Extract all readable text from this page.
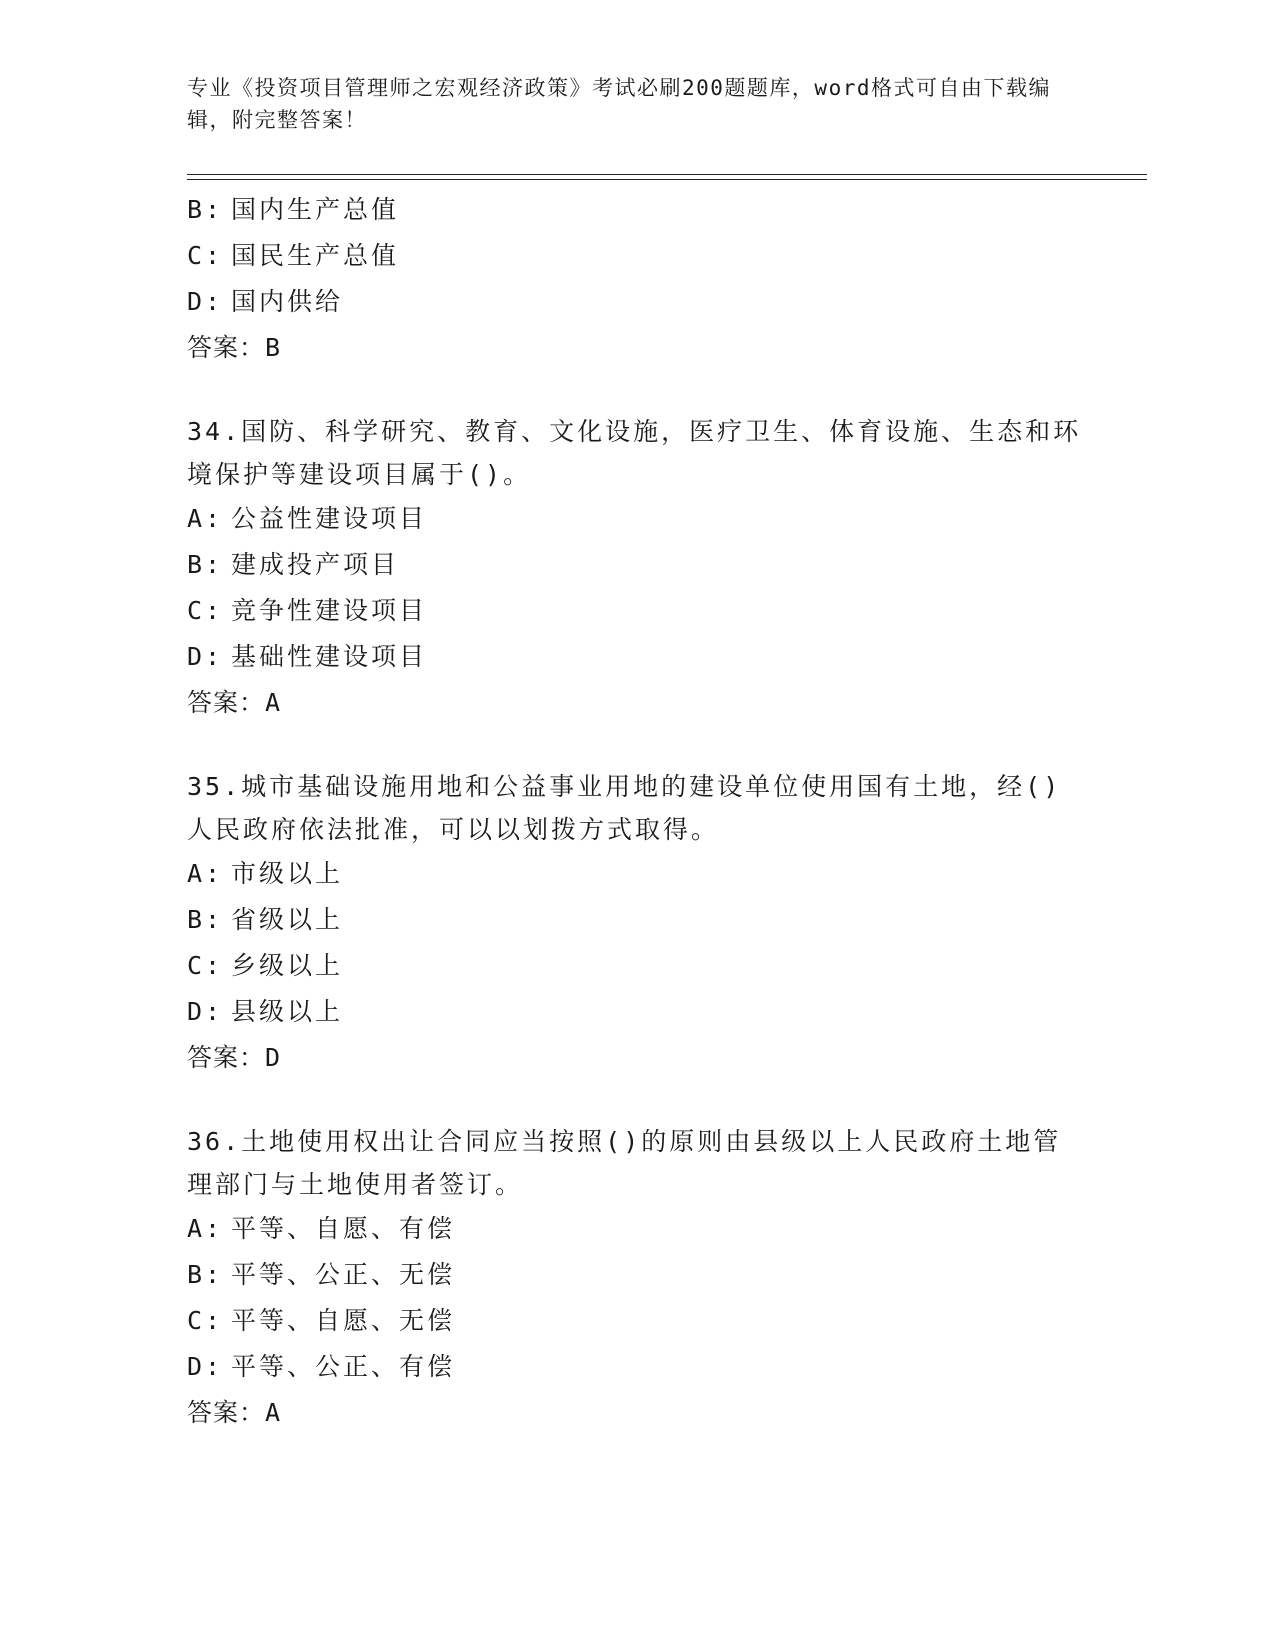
专业《投资项目管理师之宏观经济政策》考试必刷200题题库，word格式可自由下载编辑，附完整答案！
B: 国内生产总值
C: 国民生产总值
D: 国内供给
答案：B
34.国防、科学研究、教育、文化设施，医疗卫生、体育设施、生态和环境保护等建设项目属于()。
A: 公益性建设项目
B: 建成投产项目
C: 竞争性建设项目
D: 基础性建设项目
答案：A
35.城市基础设施用地和公益事业用地的建设单位使用国有土地，经()人民政府依法批准，可以以划拨方式取得。
A: 市级以上
B: 省级以上
C: 乡级以上
D: 县级以上
答案：D
36.土地使用权出让合同应当按照()的原则由县级以上人民政府土地管理部门与土地使用者签订。
A: 平等、自愿、有偿
B: 平等、公正、无偿
C: 平等、自愿、无偿
D: 平等、公正、有偿
答案：A
